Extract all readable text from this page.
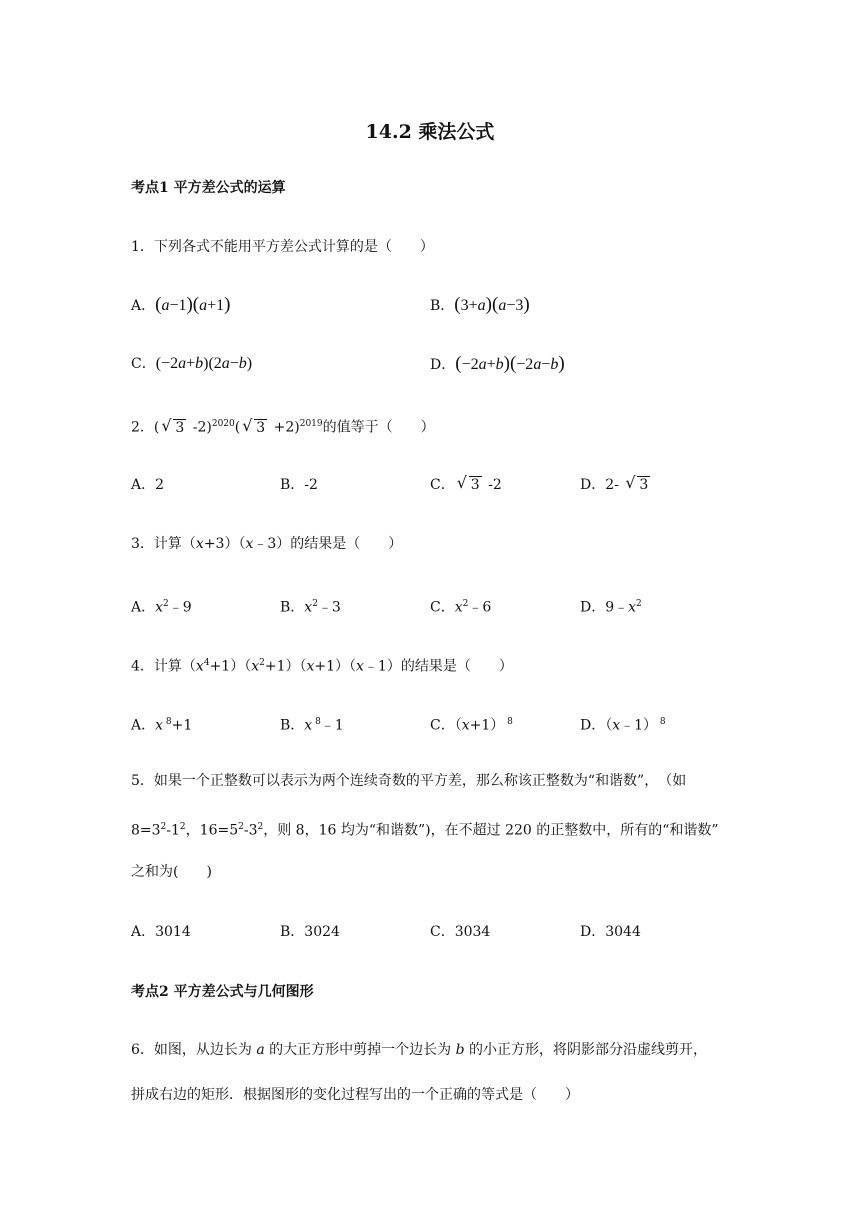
14.2 乘法公式
考点1 平方差公式的运算
1．下列各式不能用平方差公式计算的是（　　）
A．(a−1)(a+1)	B．(3+a)(a−3)
C．(−2a+b)(2a−b)	D．(−2a+b)(−2a−b)
2．( √ 3 -2)$^{2020}$( √ 3 +2)$^{2019}$的值等于（　　）
A．2	B．-2	C． √ 3 -2	D．2- √ 3
3．计算（x+3）（x﹣3）的结果是（　　）
A．$x^2﹣9$	B．$x^2﹣3$	C．$x^2﹣6$	D．$9﹣x^2$
4．计算$(x^4+1)(x^2+1)(x+1)(x﹣1)$的结果是（　　）
A．x $^8$+1	B．x $^8$﹣1	C．（x+1） $^8$	D．（x﹣1） $^8$
5．如果一个正整数可以表示为两个连续奇数的平方差，那么称该正整数为“和谐数”，　（如
$8=3^2-1^2$，$16=5^2-3^2$，则 8，16 均为“和谐数”)，在不超过 220 的正整数中，所有的“和谐数”
之和为(　　)
A．3014	B．3024	C．3034	D．3044
考点2 平方差公式与几何图形
6．如图，从边长为 a 的大正方形中剪掉一个边长为 b 的小正方形，将阴影部分沿虚线剪开，
拼成右边的矩形．根据图形的变化过程写出的一个正确的等式是（　　）
